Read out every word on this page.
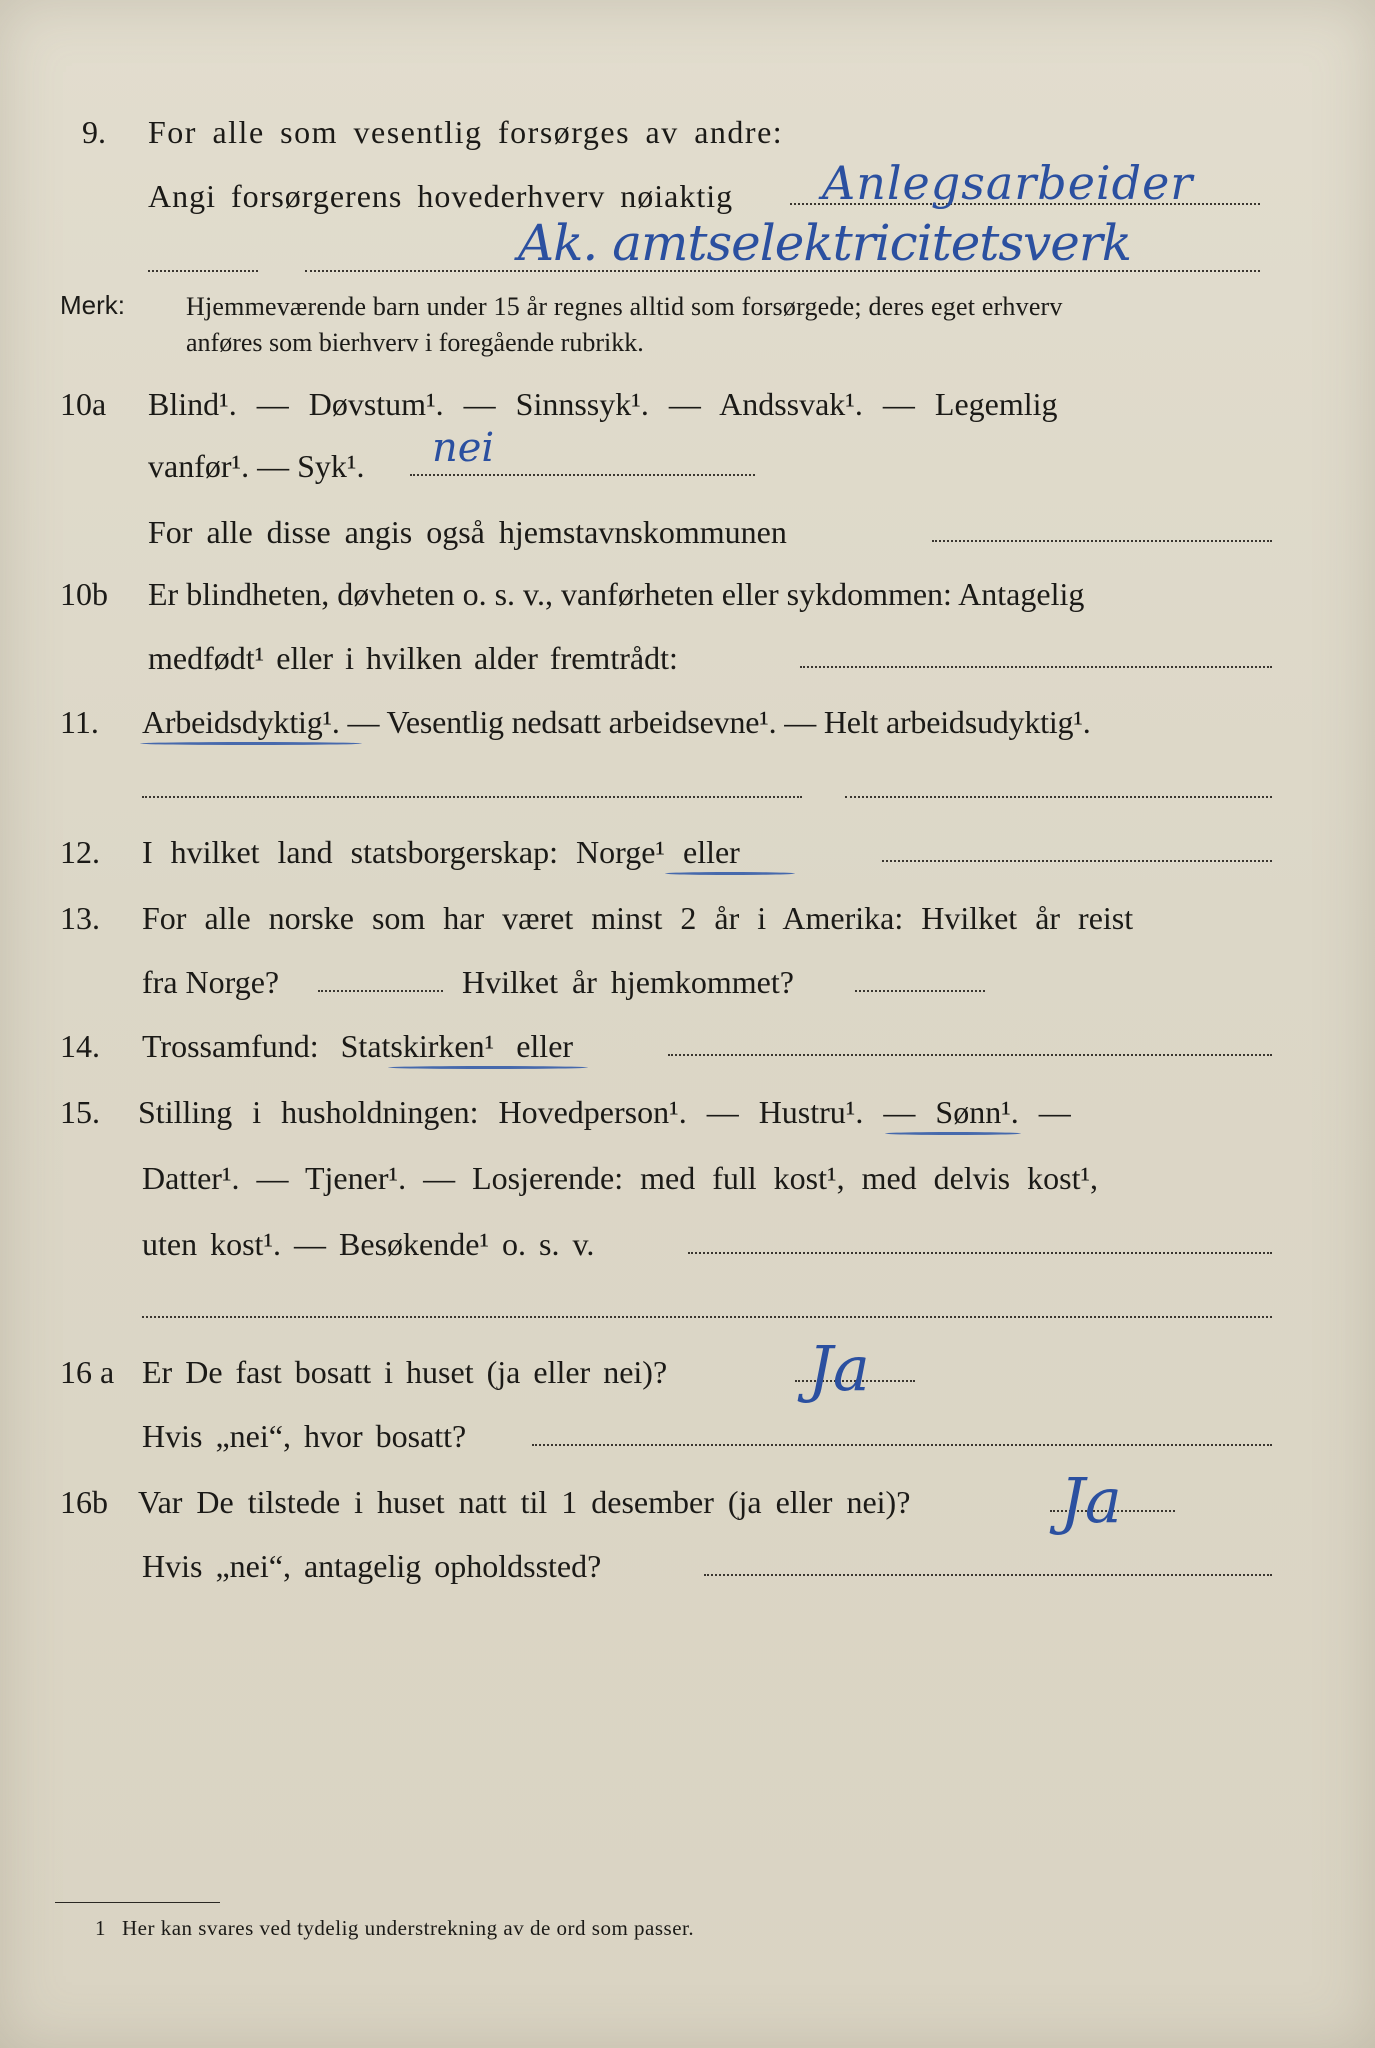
9. For alle som vesentlig forsørges av andre:
Angi forsørgerens hovederhverv nøiaktig Anlegsarbeider
Ak. amtselektricitetsverk
Merk: Hjemmeværende barn under 15 år regnes alltid som forsørgede; deres eget erhverv
anføres som bierhverv i foregående rubrikk.
10a Blind¹. — Døvstum¹. — Sinnssyk¹. — Andssvak¹. — Legemlig
vanfør¹. — Syk¹. nei
For alle disse angis også hjemstavnskommunen
10b Er blindheten, døvheten o. s. v., vanførheten eller sykdommen: Antagelig
medfødt¹ eller i hvilken alder fremtrådt:
11. Arbeidsdyktig¹. — Vesentlig nedsatt arbeidsevne¹. — Helt arbeidsudyktig¹.
12. I hvilket land statsborgerskap: Norge¹ eller
13. For alle norske som har været minst 2 år i Amerika: Hvilket år reist
fra Norge?	Hvilket år hjemkommet?
14. Trossamfund: Statskirken¹ eller
15. Stilling i husholdningen: Hovedperson¹. — Hustru¹. — Sønn¹. —
Datter¹. — Tjener¹. — Losjerende: med full kost¹, med delvis kost¹,
uten kost¹. — Besøkende¹ o. s. v.
16 a Er De fast bosatt i huset (ja eller nei)? Ja
Hvis „nei“, hvor bosatt?
16b Var De tilstede i huset natt til 1 desember (ja eller nei)? Ja
Hvis „nei“, antagelig opholdssted?
1 Her kan svares ved tydelig understrekning av de ord som passer.
